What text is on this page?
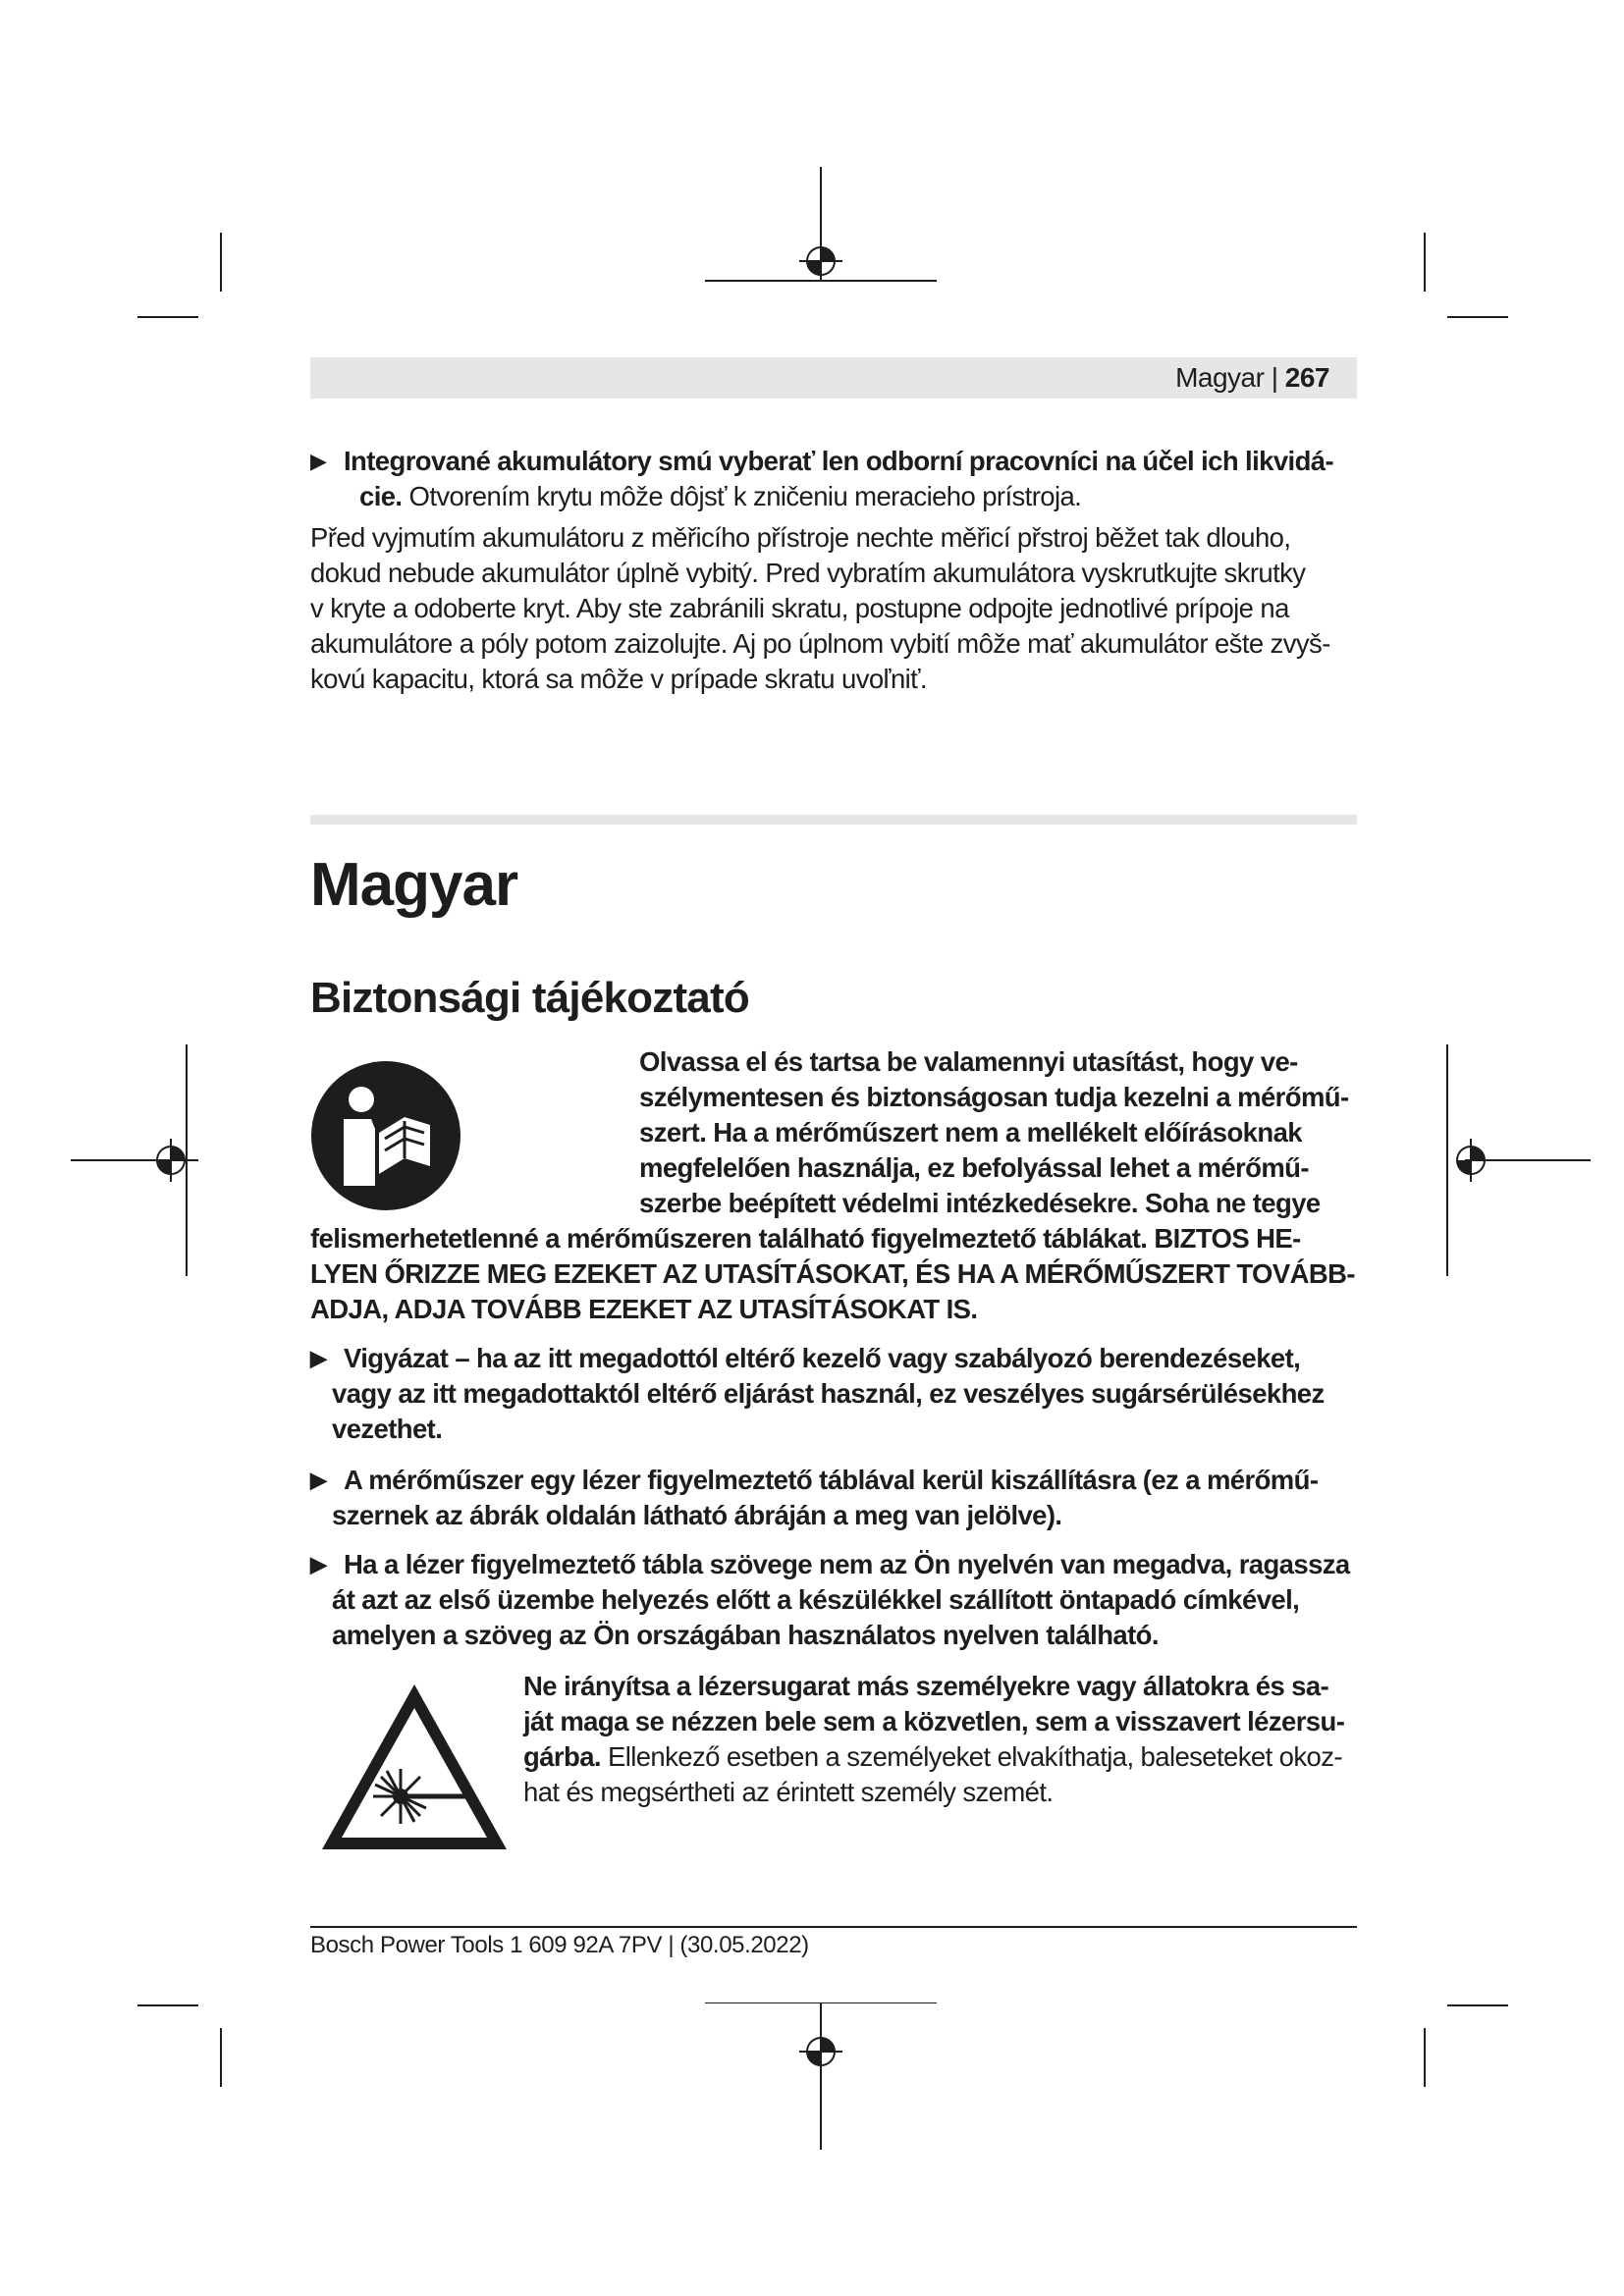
Magyar | 267
▶ Integrované akumulátory smú vyberať len odborní pracovníci na účel ich likvidá-
cie. Otvorením krytu môže dôjsť k zničeniu meracieho prístroja.
Před vyjmutím akumulátoru z měřicího přístroje nechte měřicí přstroj běžet tak dlouho,
dokud nebude akumulátor úplně vybitý. Pred vybratím akumulátora vyskrutkujte skrutky
v kryte a odoberte kryt. Aby ste zabránili skratu, postupne odpojte jednotlivé prípoje na
akumulátore a póly potom zaizolujte. Aj po úplnom vybití môže mať akumulátor ešte zvyš-
kovú kapacitu, ktorá sa môže v prípade skratu uvoľniť.
Magyar
Biztonsági tájékoztató
Olvassa el és tartsa be valamennyi utasítást, hogy ve-
szélymentesen és biztonságosan tudja kezelni a mérőmű-
szert. Ha a mérőműszert nem a mellékelt előírásoknak
megfelelően használja, ez befolyással lehet a mérőmű-
szerbe beépített védelmi intézkedésekre. Soha ne tegye
felismerhetetlenné a mérőműszeren található figyelmeztető táblákat. BIZTOS HE-
LYEN ŐRIZZE MEG EZEKET AZ UTASÍTÁSOKAT, ÉS HA A MÉRŐMŰSZERT TOVÁBB-
ADJA, ADJA TOVÁBB EZEKET AZ UTASÍTÁSOKAT IS.
▶ Vigyázat – ha az itt megadottól eltérő kezelő vagy szabályozó berendezéseket,
vagy az itt megadottaktól eltérő eljárást használ, ez veszélyes sugársérülésekhez
vezethet.
▶ A mérőműszer egy lézer figyelmeztető táblával kerül kiszállításra (ez a mérőmű-
szernek az ábrák oldalán látható ábráján a meg van jelölve).
▶ Ha a lézer figyelmeztető tábla szövege nem az Ön nyelvén van megadva, ragassza
át azt az első üzembe helyezés előtt a készülékkel szállított öntapadó címkével,
amelyen a szöveg az Ön országában használatos nyelven található.
Ne irányítsa a lézersugarat más személyekre vagy állatokra és sa-
ját maga se nézzen bele sem a közvetlen, sem a visszavert lézersu-
gárba. Ellenkező esetben a személyeket elvakíthatja, baleseteket okoz-
hat és megsértheti az érintett személy szemét.
Bosch Power Tools 1 609 92A 7PV | (30.05.2022)
